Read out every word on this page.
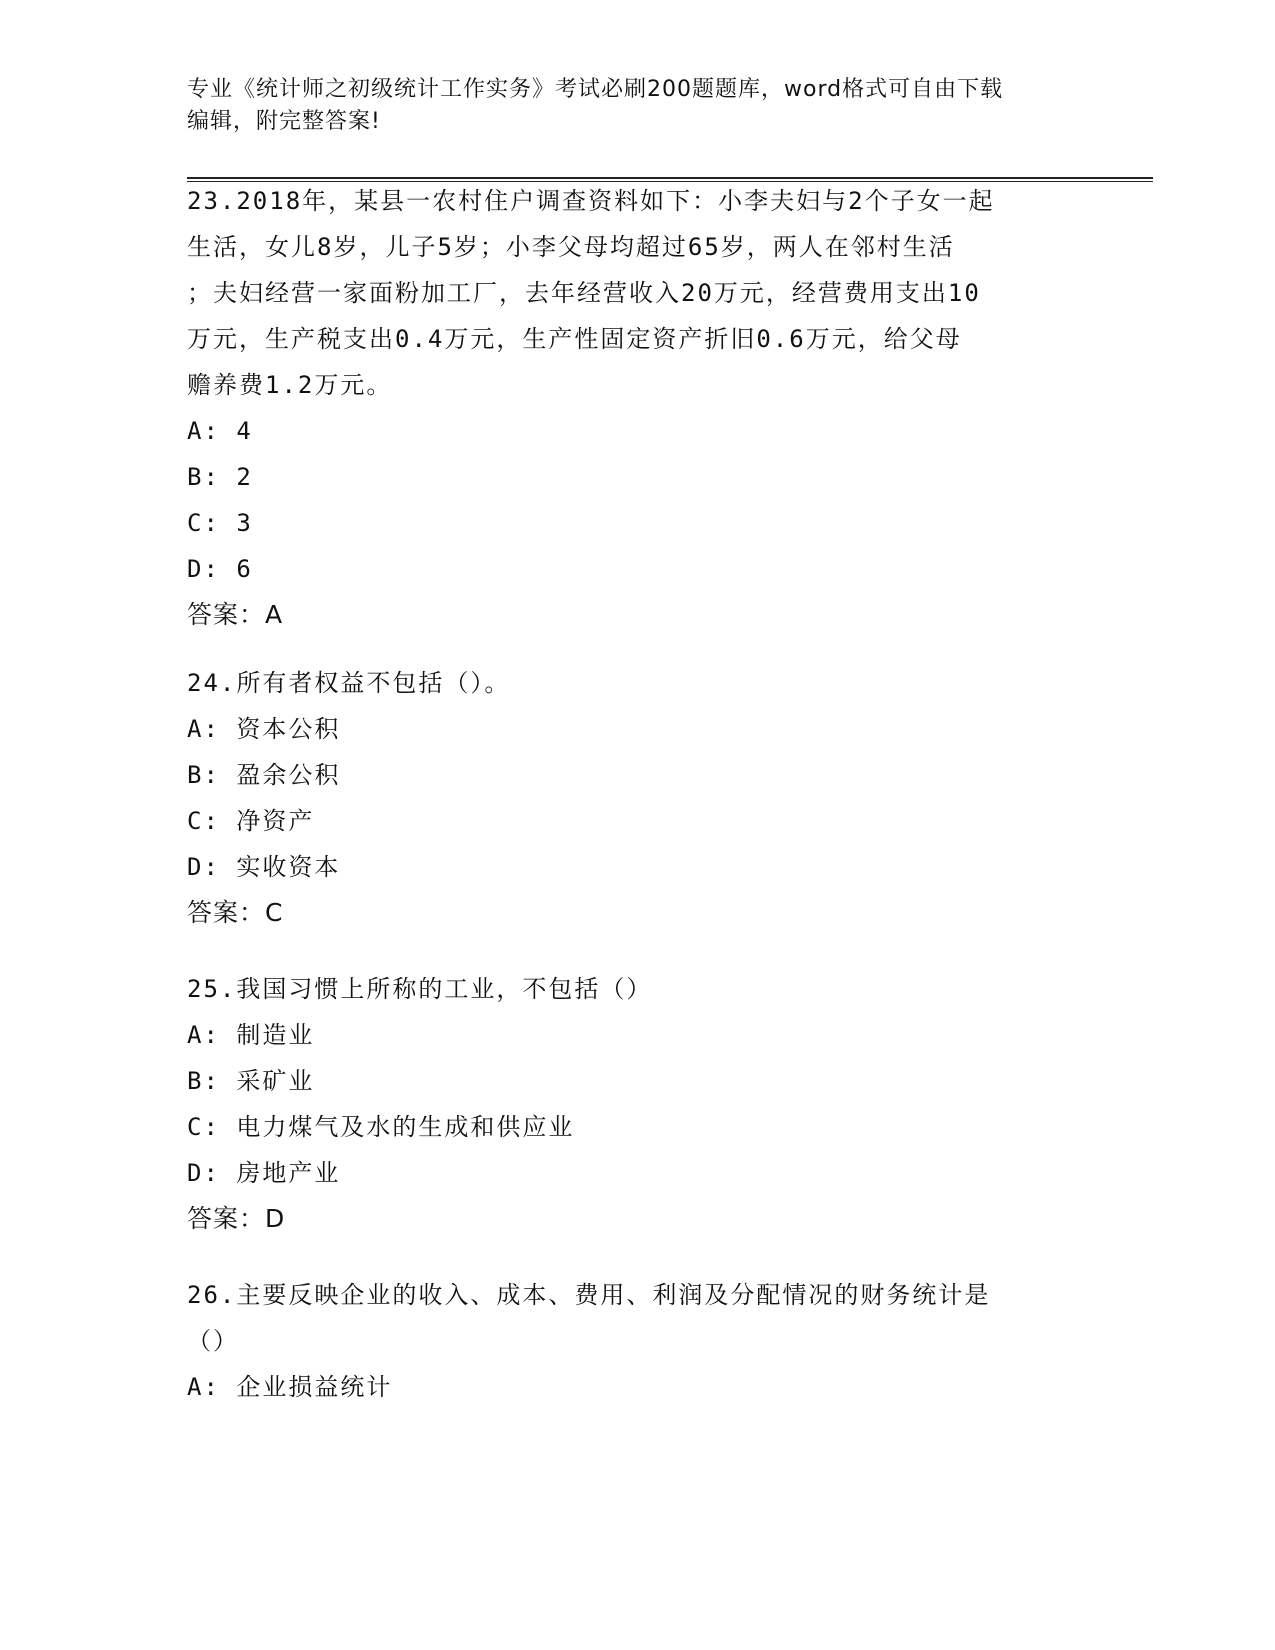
专业《统计师之初级统计工作实务》考试必刷200题题库，word格式可自由下载
编辑，附完整答案!
23.2018年，某县一农村住户调查资料如下：小李夫妇与2个子女一起
生活，女儿8岁，儿子5岁；小李父母均超过65岁，两人在邻村生活
；夫妇经营一家面粉加工厂，去年经营收入20万元，经营费用支出10
万元，生产税支出0.4万元，生产性固定资产折旧0.6万元，给父母
赡养费1.2万元。
A: 4
B: 2
C: 3
D: 6
答案：A
24.所有者权益不包括（）。
A: 资本公积
B: 盈余公积
C: 净资产
D: 实收资本
答案：C
25.我国习惯上所称的工业，不包括（）
A: 制造业
B: 采矿业
C: 电力煤气及水的生成和供应业
D: 房地产业
答案：D
26.主要反映企业的收入、成本、费用、利润及分配情况的财务统计是
（）
A: 企业损益统计
